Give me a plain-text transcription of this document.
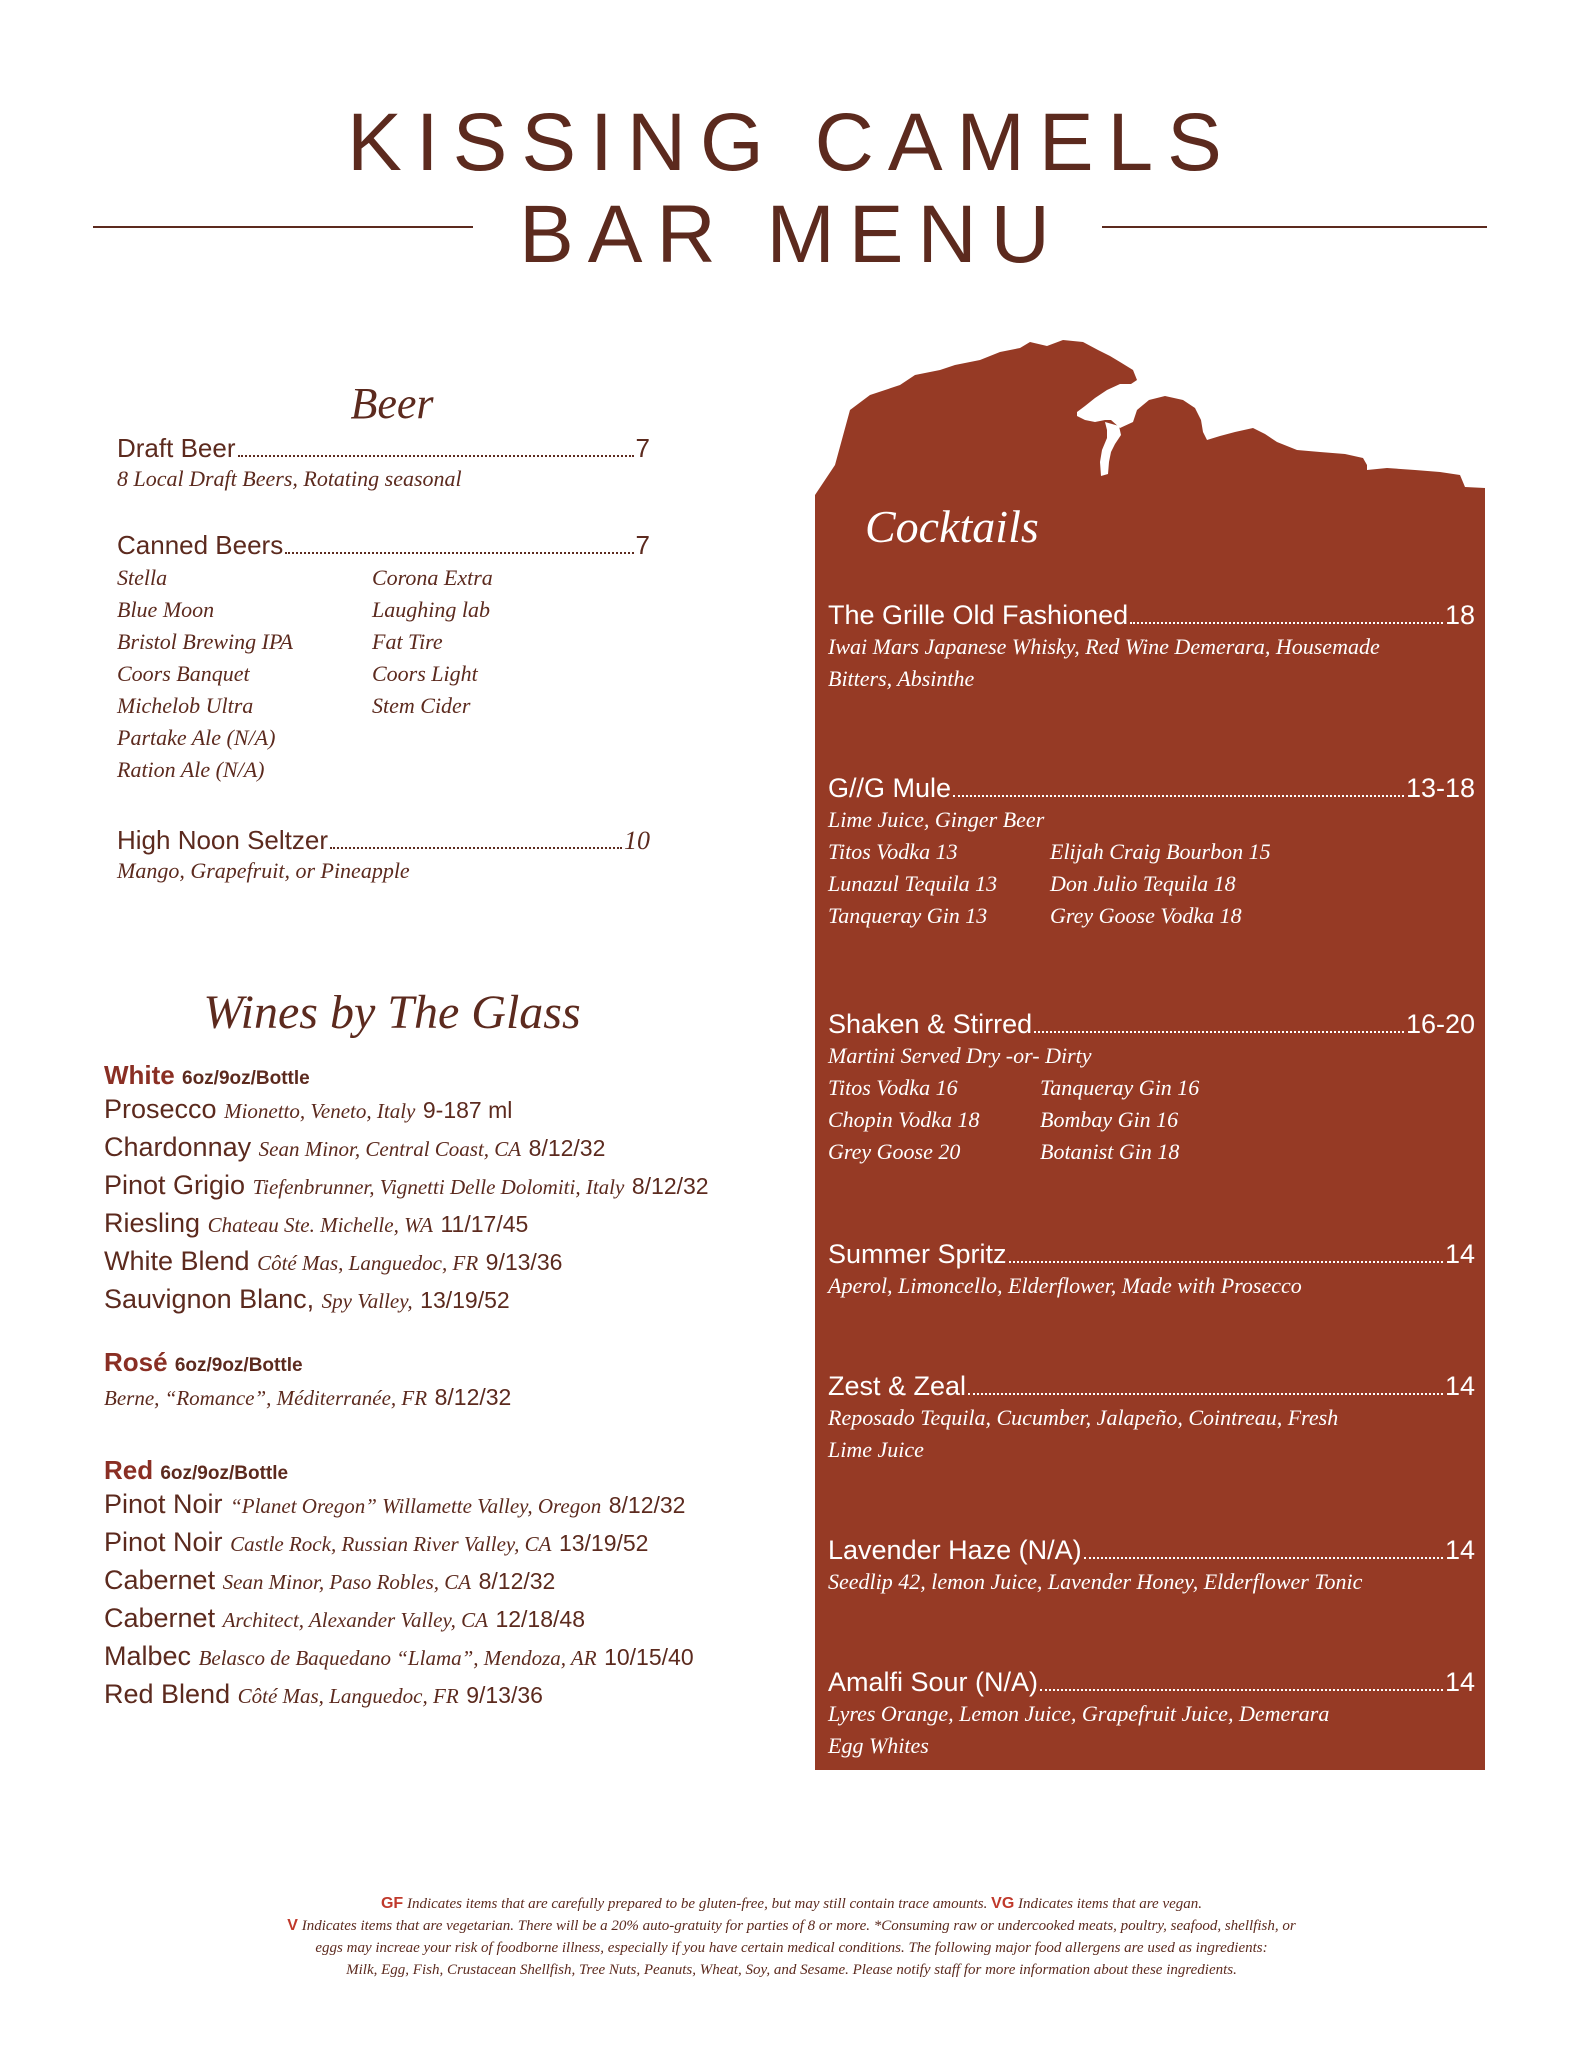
KISSING CAMELS
BAR MENU
Beer
Draft Beer	7
8 Local Draft Beers, Rotating seasonal
Canned Beers	7
Stella	Corona Extra
Blue Moon	Laughing lab
Bristol Brewing IPA	Fat Tire
Coors Banquet	Coors Light
Michelob Ultra	Stem Cider
Partake Ale (N/A)
Ration Ale (N/A)
High Noon Seltzer	10
Mango, Grapefruit, or Pineapple
Wines by The Glass
White 6oz/9oz/Bottle
Prosecco Mionetto, Veneto, Italy 9-187 ml
Chardonnay Sean Minor, Central Coast, CA 8/12/32
Pinot Grigio Tiefenbrunner, Vignetti Delle Dolomiti, Italy 8/12/32
Riesling Chateau Ste. Michelle, WA 11/17/45
White Blend Côté Mas, Languedoc, FR 9/13/36
Sauvignon Blanc, Spy Valley, 13/19/52
Rosé 6oz/9oz/Bottle
Berne, “Romance”, Méditerranée, FR 8/12/32
Red 6oz/9oz/Bottle
Pinot Noir “Planet Oregon” Willamette Valley, Oregon 8/12/32
Pinot Noir Castle Rock, Russian River Valley, CA 13/19/52
Cabernet Sean Minor, Paso Robles, CA 8/12/32
Cabernet Architect, Alexander Valley, CA 12/18/48
Malbec Belasco de Baquedano “Llama”, Mendoza, AR 10/15/40
Red Blend Côté Mas, Languedoc, FR 9/13/36
Cocktails
The Grille Old Fashioned	18
Iwai Mars Japanese Whisky, Red Wine Demerara, Housemade
Bitters, Absinthe
G//G Mule	13-18
Lime Juice, Ginger Beer
Titos Vodka 13	Elijah Craig Bourbon 15
Lunazul Tequila 13	Don Julio Tequila 18
Tanqueray Gin 13	Grey Goose Vodka 18
Shaken & Stirred	16-20
Martini Served Dry -or- Dirty
Titos Vodka 16	Tanqueray Gin 16
Chopin Vodka 18	Bombay Gin 16
Grey Goose 20	Botanist Gin 18
Summer Spritz	14
Aperol, Limoncello, Elderflower, Made with Prosecco
Zest & Zeal	14
Reposado Tequila, Cucumber, Jalapeño, Cointreau, Fresh
Lime Juice
Lavender Haze (N/A)	14
Seedlip 42, lemon Juice, Lavender Honey, Elderflower Tonic
Amalfi Sour (N/A)	14
Lyres Orange, Lemon Juice, Grapefruit Juice, Demerara
Egg Whites
GF Indicates items that are carefully prepared to be gluten-free, but may still contain trace amounts. VG Indicates items that are vegan.
V Indicates items that are vegetarian. There will be a 20% auto-gratuity for parties of 8 or more. *Consuming raw or undercooked meats, poultry, seafood, shellfish, or
eggs may increae your risk of foodborne illness, especially if you have certain medical conditions. The following major food allergens are used as ingredients:
Milk, Egg, Fish, Crustacean Shellfish, Tree Nuts, Peanuts, Wheat, Soy, and Sesame. Please notify staff for more information about these ingredients.
